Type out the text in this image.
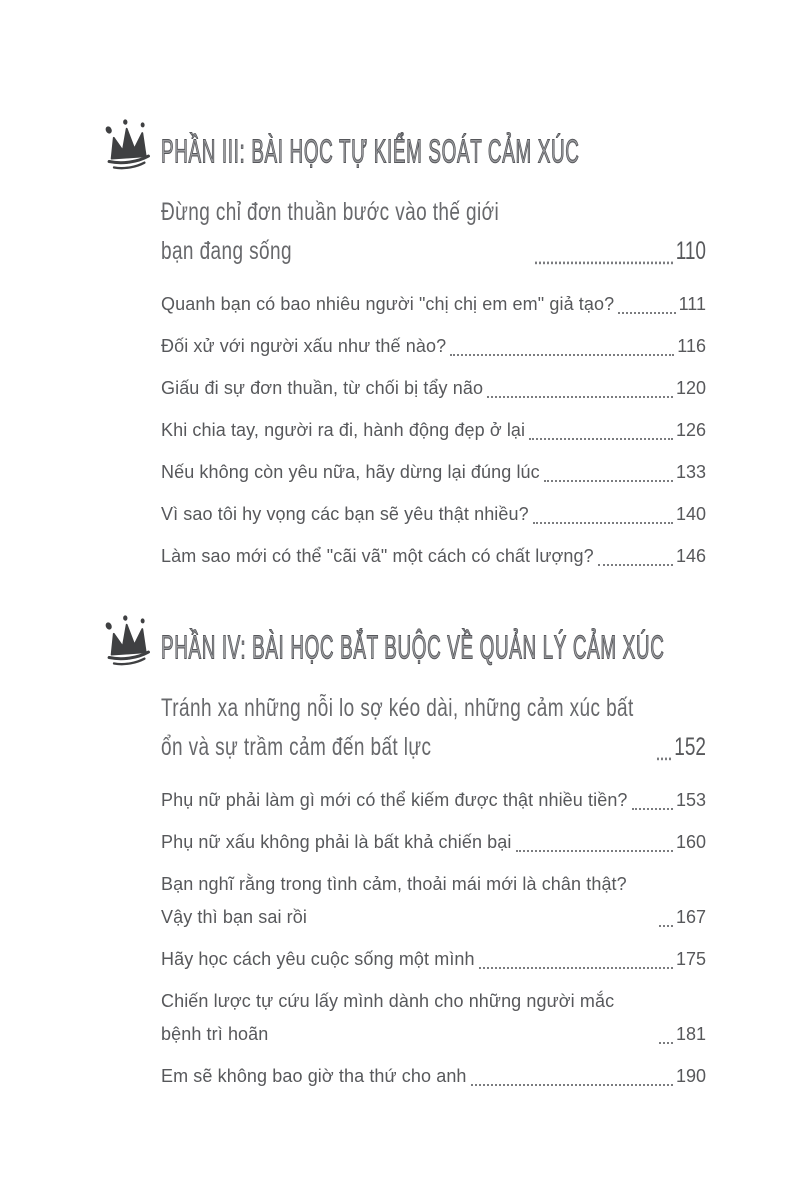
PHẦN III: BÀI HỌC TỰ KIỂM SOÁT CẢM XÚC
Đừng chỉ đơn thuần bước vào thế giới bạn đang sống	110
Quanh bạn có bao nhiêu người "chị chị em em" giả tạo?	111
Đối xử với người xấu như thế nào?	116
Giấu đi sự đơn thuần, từ chối bị tẩy não	120
Khi chia tay, người ra đi, hành động đẹp ở lại	126
Nếu không còn yêu nữa, hãy dừng lại đúng lúc	133
Vì sao tôi hy vọng các bạn sẽ yêu thật nhiều?	140
Làm sao mới có thể "cãi vã" một cách có chất lượng?	146
PHẦN IV: BÀI HỌC BẮT BUỘC VỀ QUẢN LÝ CẢM XÚC
Tránh xa những nỗi lo sợ kéo dài, những cảm xúc bất ổn và sự trầm cảm đến bất lực	152
Phụ nữ phải làm gì mới có thể kiếm được thật nhiều tiền?	153
Phụ nữ xấu không phải là bất khả chiến bại	160
Bạn nghĩ rằng trong tình cảm, thoải mái mới là chân thật? Vậy thì bạn sai rồi	167
Hãy học cách yêu cuộc sống một mình	175
Chiến lược tự cứu lấy mình dành cho những người mắc bệnh trì hoãn	181
Em sẽ không bao giờ tha thứ cho anh	190
